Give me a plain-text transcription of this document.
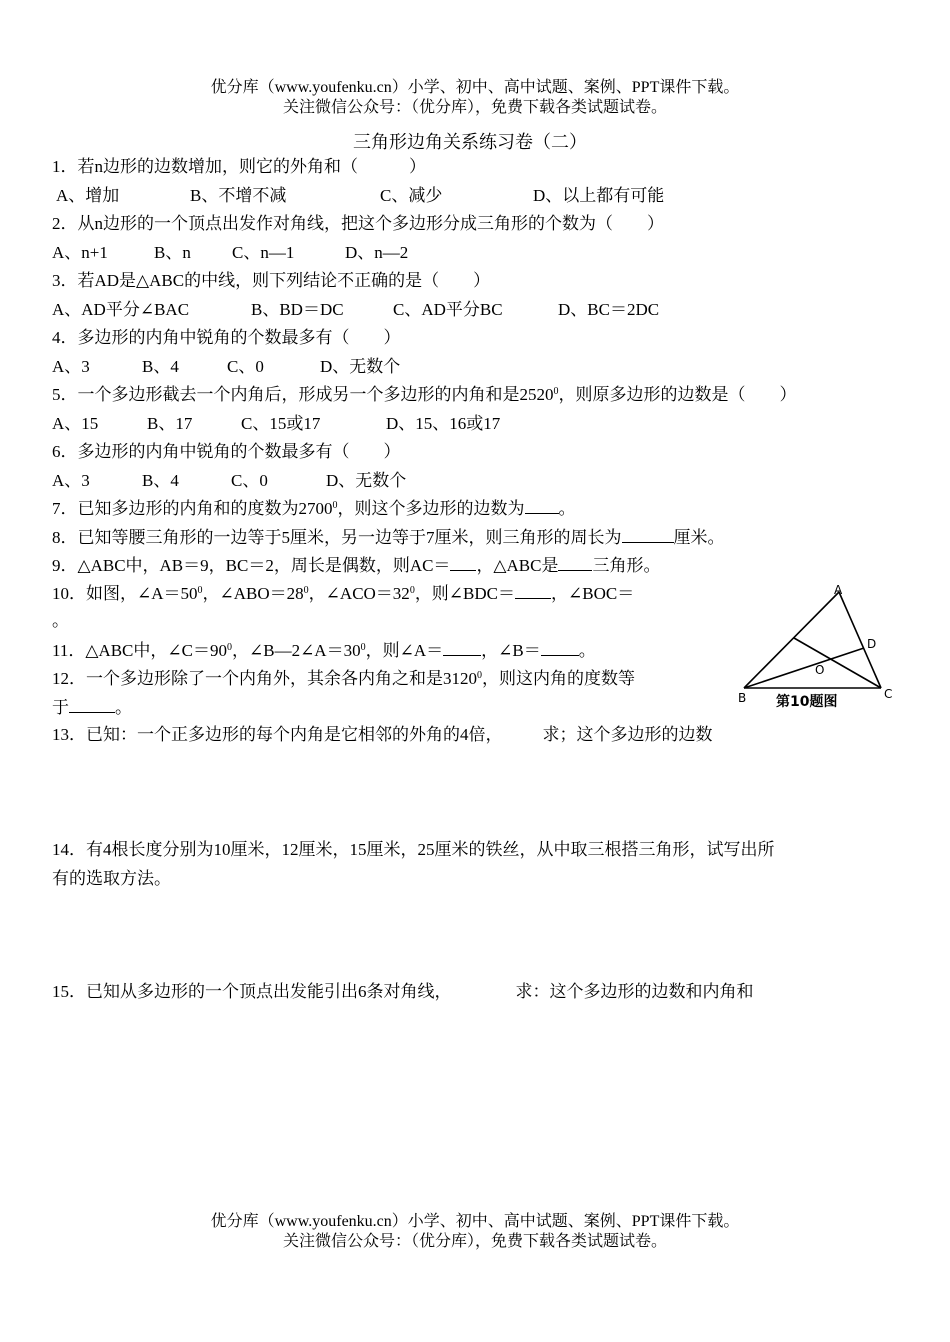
优分库（www.youfenku.cn）小学、初中、高中试题、案例、PPT课件下载。
关注微信公众号：（优分库），免费下载各类试题试卷。
三角形边角关系练习卷（二）
1．若n边形的边数增加，则它的外角和（　　　）
A、增加	B、不增不减	C、减少	D、以上都有可能
2．从n边形的一个顶点出发作对角线，把这个多边形分成三角形的个数为（　　）
A、n+1	B、n C、n—1	D、n—2
3．若AD是△ABC的中线，则下列结论不正确的是（　　）
A、AD平分∠BAC	B、BD＝DC	C、AD平分BC	D、BC＝2DC
4．多边形的内角中锐角的个数最多有（　　）
A、3	B、4	C、0	D、无数个
5．一个多边形截去一个内角后，形成另一个多边形的内角和是2520$^0$，则原多边形的边数是（　　）
A、15	B、17	C、15或17	D、15、16或17
6．多边形的内角中锐角的个数最多有（　　）
A、3	B、4	C、0	D、无数个
7．已知多边形的内角和的度数为2700$^0$，则这个多边形的边数为 。
8．已知等腰三角形的一边等于5厘米，另一边等于7厘米，则三角形的周长为	厘米。
9．△ABC中，AB＝9，BC＝2，周长是偶数，则AC＝ ，△ABC是 三角形。
10．如图，$\angle A=50^0$，$\angle ABO=28^0$，$\angle ACO=32^0$，则∠BDC＝ ，∠BOC＝
。
11．△ABC中，$\angle C=90^0$，$\angle B—2\angle A=30^0$，则∠A＝ ，∠B＝ 。
12．一个多边形除了一个内角外，其余各内角之和是3120$^0$，则这内角的度数等
于	。
A
B	C
D
O
第10题图
13．已知：一个正多边形的每个内角是它相邻的外角的4倍， 求；这个多边形的边数
14．有4根长度分别为10厘米，12厘米，15厘米，25厘米的铁丝，从中取三根搭三角形，试写出所
有的选取方法。
15．已知从多边形的一个顶点出发能引出6条对角线，	求：这个多边形的边数和内角和
优分库（www.youfenku.cn）小学、初中、高中试题、案例、PPT课件下载。
关注微信公众号：（优分库），免费下载各类试题试卷。
